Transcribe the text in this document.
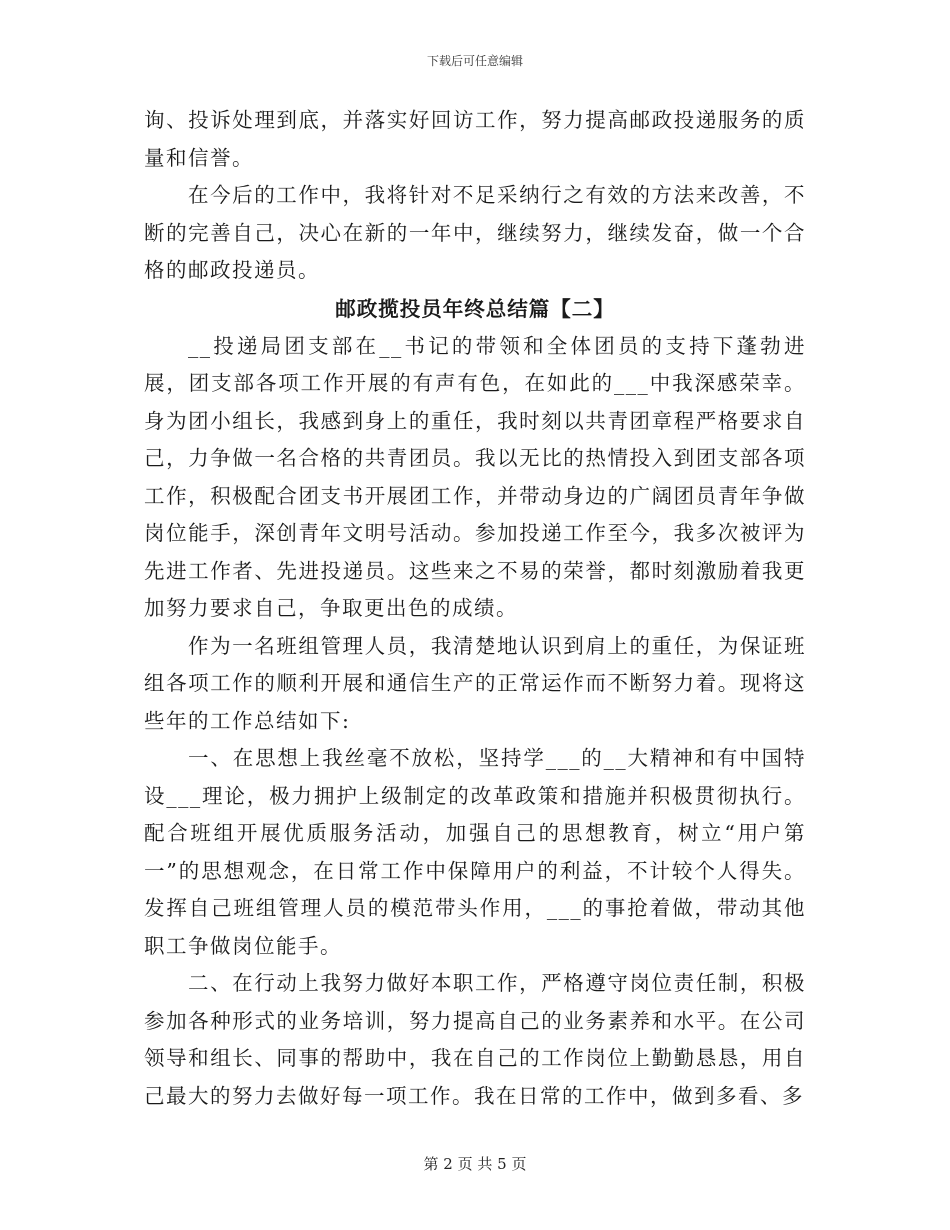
下载后可任意编辑

询、投诉处理到底，并落实好回访工作，努力提高邮政投递服务的质量和信誉。

在今后的工作中，我将针对不足采纳行之有效的方法来改善，不断的完善自己，决心在新的一年中，继续努力，继续发奋，做一个合格的邮政投递员。

邮政揽投员年终总结篇【二】

__投递局团支部在__书记的带领和全体团员的支持下蓬勃进展，团支部各项工作开展的有声有色，在如此的___中我深感荣幸。身为团小组长，我感到身上的重任，我时刻以共青团章程严格要求自己，力争做一名合格的共青团员。我以无比的热情投入到团支部各项工作，积极配合团支书开展团工作，并带动身边的广阔团员青年争做岗位能手，深创青年文明号活动。参加投递工作至今，我多次被评为先进工作者、先进投递员。这些来之不易的荣誉，都时刻激励着我更加努力要求自己，争取更出色的成绩。

作为一名班组管理人员，我清楚地认识到肩上的重任，为保证班组各项工作的顺利开展和通信生产的正常运作而不断努力着。现将这些年的工作总结如下:

一、在思想上我丝毫不放松，坚持学___的__大精神和有中国特设___理论，极力拥护上级制定的改革政策和措施并积极贯彻执行。配合班组开展优质服务活动，加强自己的思想教育，树立“用户第一”的思想观念，在日常工作中保障用户的利益，不计较个人得失。发挥自己班组管理人员的模范带头作用，___的事抢着做，带动其他职工争做岗位能手。

二、在行动上我努力做好本职工作，严格遵守岗位责任制，积极参加各种形式的业务培训，努力提高自己的业务素养和水平。在公司领导和组长、同事的帮助中，我在自己的工作岗位上勤勤恳恳，用自己最大的努力去做好每一项工作。我在日常的工作中，做到多看、多

第 2 页 共 5 页
